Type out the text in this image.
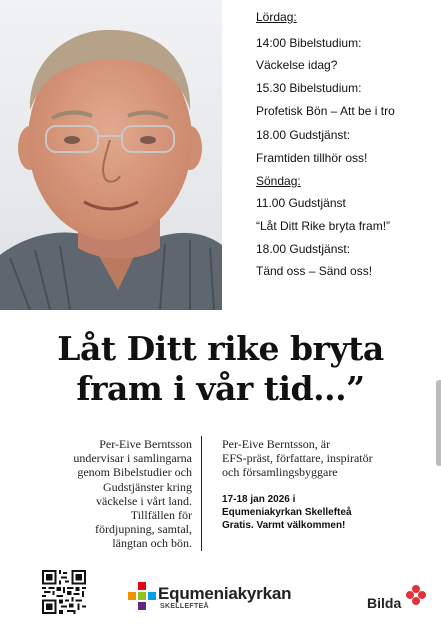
Lördag:
14:00 Bibelstudium:
Väckelse idag?
15.30 Bibelstudium:
Profetisk Bön – Att be i tro
18.00 Gudstjänst:
Framtiden tillhör oss!
Söndag:
11.00 Gudstjänst
“Låt Ditt Rike bryta fram!”
18.00 Gudstjänst:
Tänd oss – Sänd oss!
Låt Ditt rike bryta
fram i vår tid...”
Per-Eive Berntsson
undervisar i samlingarna
genom Bibelstudier och
Gudstjänster kring
väckelse i vårt land.
Tillfällen för
fördjupning, samtal,
längtan och bön.
Per-Eive Berntsson, är
EFS-präst, författare, inspiratör
och församlingsbyggare
17-18 jan 2026 i
Equmeniakyrkan Skellefteå
Gratis. Varmt välkommen!
Equmeniakyrkan
SKELLEFTEÅ	Bilda
